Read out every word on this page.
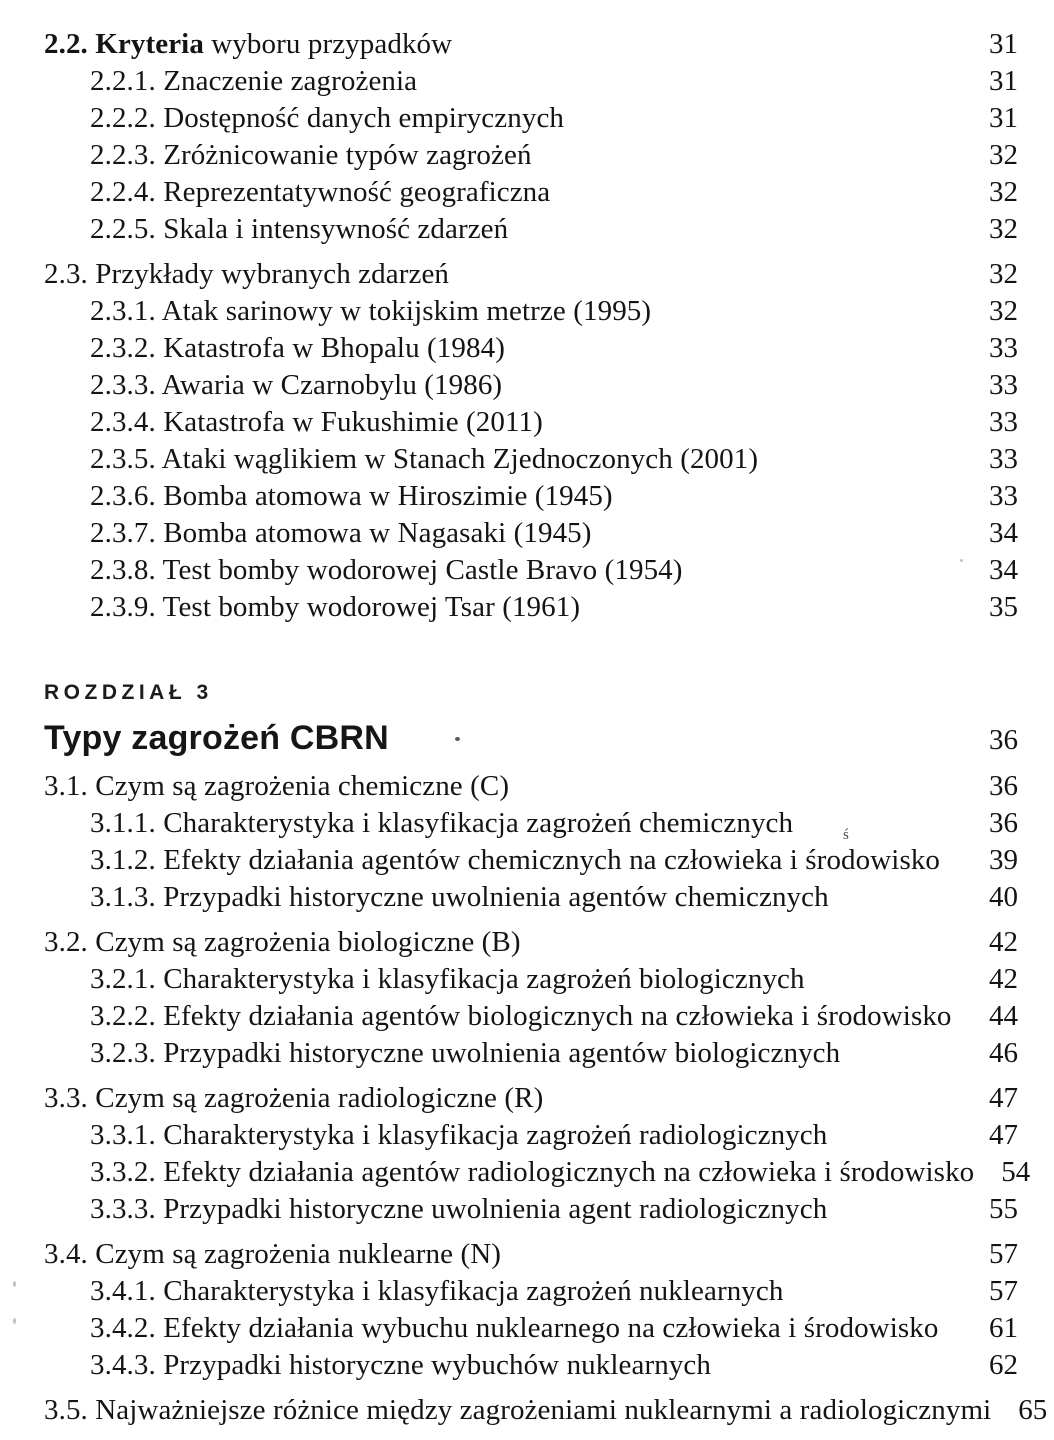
2.2. Kryteria wyboru przypadków	31
2.2.1. Znaczenie zagrożenia	31
2.2.2. Dostępność danych empirycznych	31
2.2.3. Zróżnicowanie typów zagrożeń	32
2.2.4. Reprezentatywność geograficzna	32
2.2.5. Skala i intensywność zdarzeń	32
2.3. Przykłady wybranych zdarzeń	32
2.3.1. Atak sarinowy w tokijskim metrze (1995)	32
2.3.2. Katastrofa w Bhopalu (1984)	33
2.3.3. Awaria w Czarnobylu (1986)	33
2.3.4. Katastrofa w Fukushimie (2011)	33
2.3.5. Ataki wąglikiem w Stanach Zjednoczonych (2001)	33
2.3.6. Bomba atomowa w Hiroszimie (1945)	33
2.3.7. Bomba atomowa w Nagasaki (1945)	34
2.3.8. Test bomby wodorowej Castle Bravo (1954)	34
2.3.9. Test bomby wodorowej Tsar (1961)	35
ROZDZIAŁ 3
Typy zagrożeń CBRN	36
3.1. Czym są zagrożenia chemiczne (C)	36
3.1.1. Charakterystyka i klasyfikacja zagrożeń chemicznych	36
3.1.2. Efekty działania agentów chemicznych na człowieka i środowisko	39
3.1.3. Przypadki historyczne uwolnienia agentów chemicznych	40
3.2. Czym są zagrożenia biologiczne (B)	42
3.2.1. Charakterystyka i klasyfikacja zagrożeń biologicznych	42
3.2.2. Efekty działania agentów biologicznych na człowieka i środowisko	44
3.2.3. Przypadki historyczne uwolnienia agentów biologicznych	46
3.3. Czym są zagrożenia radiologiczne (R)	47
3.3.1. Charakterystyka i klasyfikacja zagrożeń radiologicznych	47
3.3.2. Efekty działania agentów radiologicznych na człowieka i środowisko 54
3.3.3. Przypadki historyczne uwolnienia agent radiologicznych	55
3.4. Czym są zagrożenia nuklearne (N)	57
3.4.1. Charakterystyka i klasyfikacja zagrożeń nuklearnych	57
3.4.2. Efekty działania wybuchu nuklearnego na człowieka i środowisko	61
3.4.3. Przypadki historyczne wybuchów nuklearnych	62
3.5. Najważniejsze różnice między zagrożeniami nuklearnymi a radiologicznymi 65
ś
